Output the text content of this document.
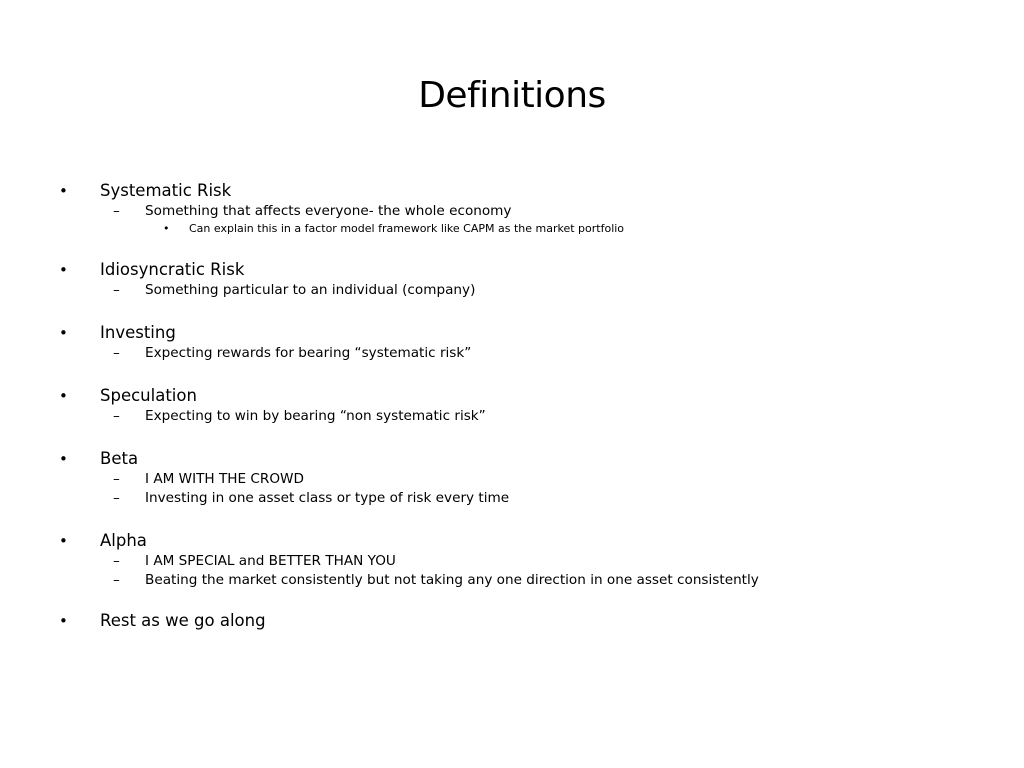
Definitions
• Systematic Risk
– Something that affects everyone- the whole economy
• Can explain this in a factor model framework like CAPM as the market portfolio
• Idiosyncratic Risk
– Something particular to an individual (company)
• Investing
– Expecting rewards for bearing “systematic risk”
• Speculation
– Expecting to win by bearing “non systematic risk”
• Beta
– I AM WITH THE CROWD
– Investing in one asset class or type of risk every time
• Alpha
– I AM SPECIAL and BETTER THAN YOU
– Beating the market consistently but not taking any one direction in one asset consistently
• Rest as we go along
